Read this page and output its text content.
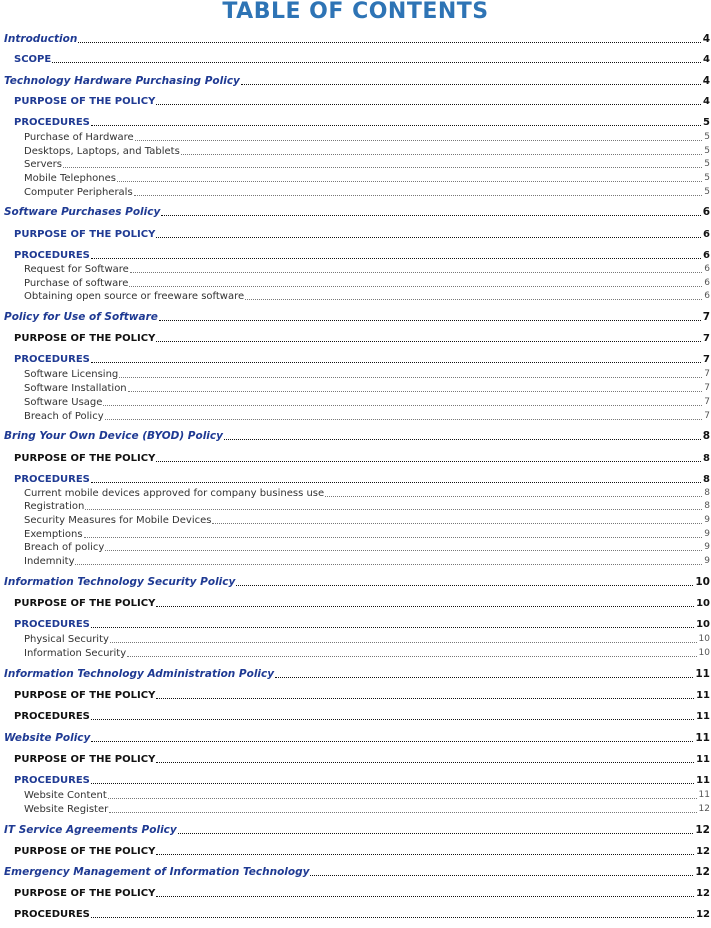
TABLE OF CONTENTS
Introduction	4
SCOPE	4
Technology Hardware Purchasing Policy	4
PURPOSE OF THE POLICY	4
PROCEDURES	5
Purchase of Hardware	5
Desktops, Laptops, and Tablets	5
Servers	5
Mobile Telephones	5
Computer Peripherals	5
Software Purchases Policy	6
PURPOSE OF THE POLICY	6
PROCEDURES	6
Request for Software	6
Purchase of software	6
Obtaining open source or freeware software	6
Policy for Use of Software	7
PURPOSE OF THE POLICY	7
PROCEDURES	7
Software Licensing	7
Software Installation	7
Software Usage	7
Breach of Policy	7
Bring Your Own Device (BYOD) Policy	8
PURPOSE OF THE POLICY	8
PROCEDURES	8
Current mobile devices approved for company business use	8
Registration	8
Security Measures for Mobile Devices	9
Exemptions	9
Breach of policy	9
Indemnity	9
Information Technology Security Policy	10
PURPOSE OF THE POLICY	10
PROCEDURES	10
Physical Security	10
Information Security	10
Information Technology Administration Policy	11
PURPOSE OF THE POLICY	11
PROCEDURES	11
Website Policy	11
PURPOSE OF THE POLICY	11
PROCEDURES	11
Website Content	11
Website Register	12
IT Service Agreements Policy	12
PURPOSE OF THE POLICY	12
Emergency Management of Information Technology	12
PURPOSE OF THE POLICY	12
PROCEDURES	12
